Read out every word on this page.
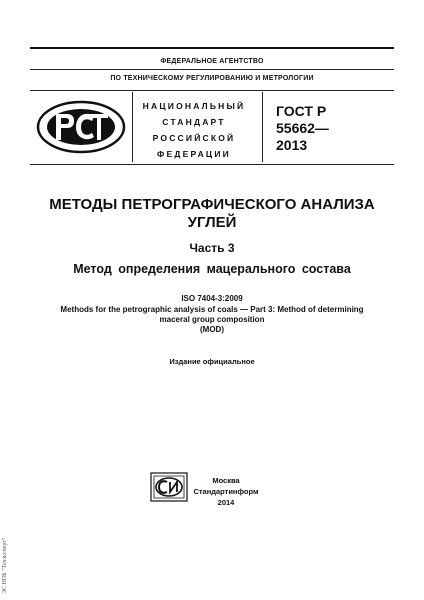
ФЕДЕРАЛЬНОЕ АГЕНТСТВО
ПО ТЕХНИЧЕСКОМУ РЕГУЛИРОВАНИЮ И МЕТРОЛОГИИ
НАЦИОНАЛЬНЫЙ
СТАНДАРТ
РОССИЙСКОЙ
ФЕДЕРАЦИИ
ГОСТ Р
55662—
2013
МЕТОДЫ ПЕТРОГРАФИЧЕСКОГО АНАЛИЗА
УГЛЕЙ
Часть 3
Метод определения мацерального состава
ISO 7404-3:2009
Methods for the petrographic analysis of coals — Part 3: Method of determining
maceral group composition
(MOD)
Издание официальное
Москва
Стандартинформ
2014
ЭС НПБ "Техэксперт"
